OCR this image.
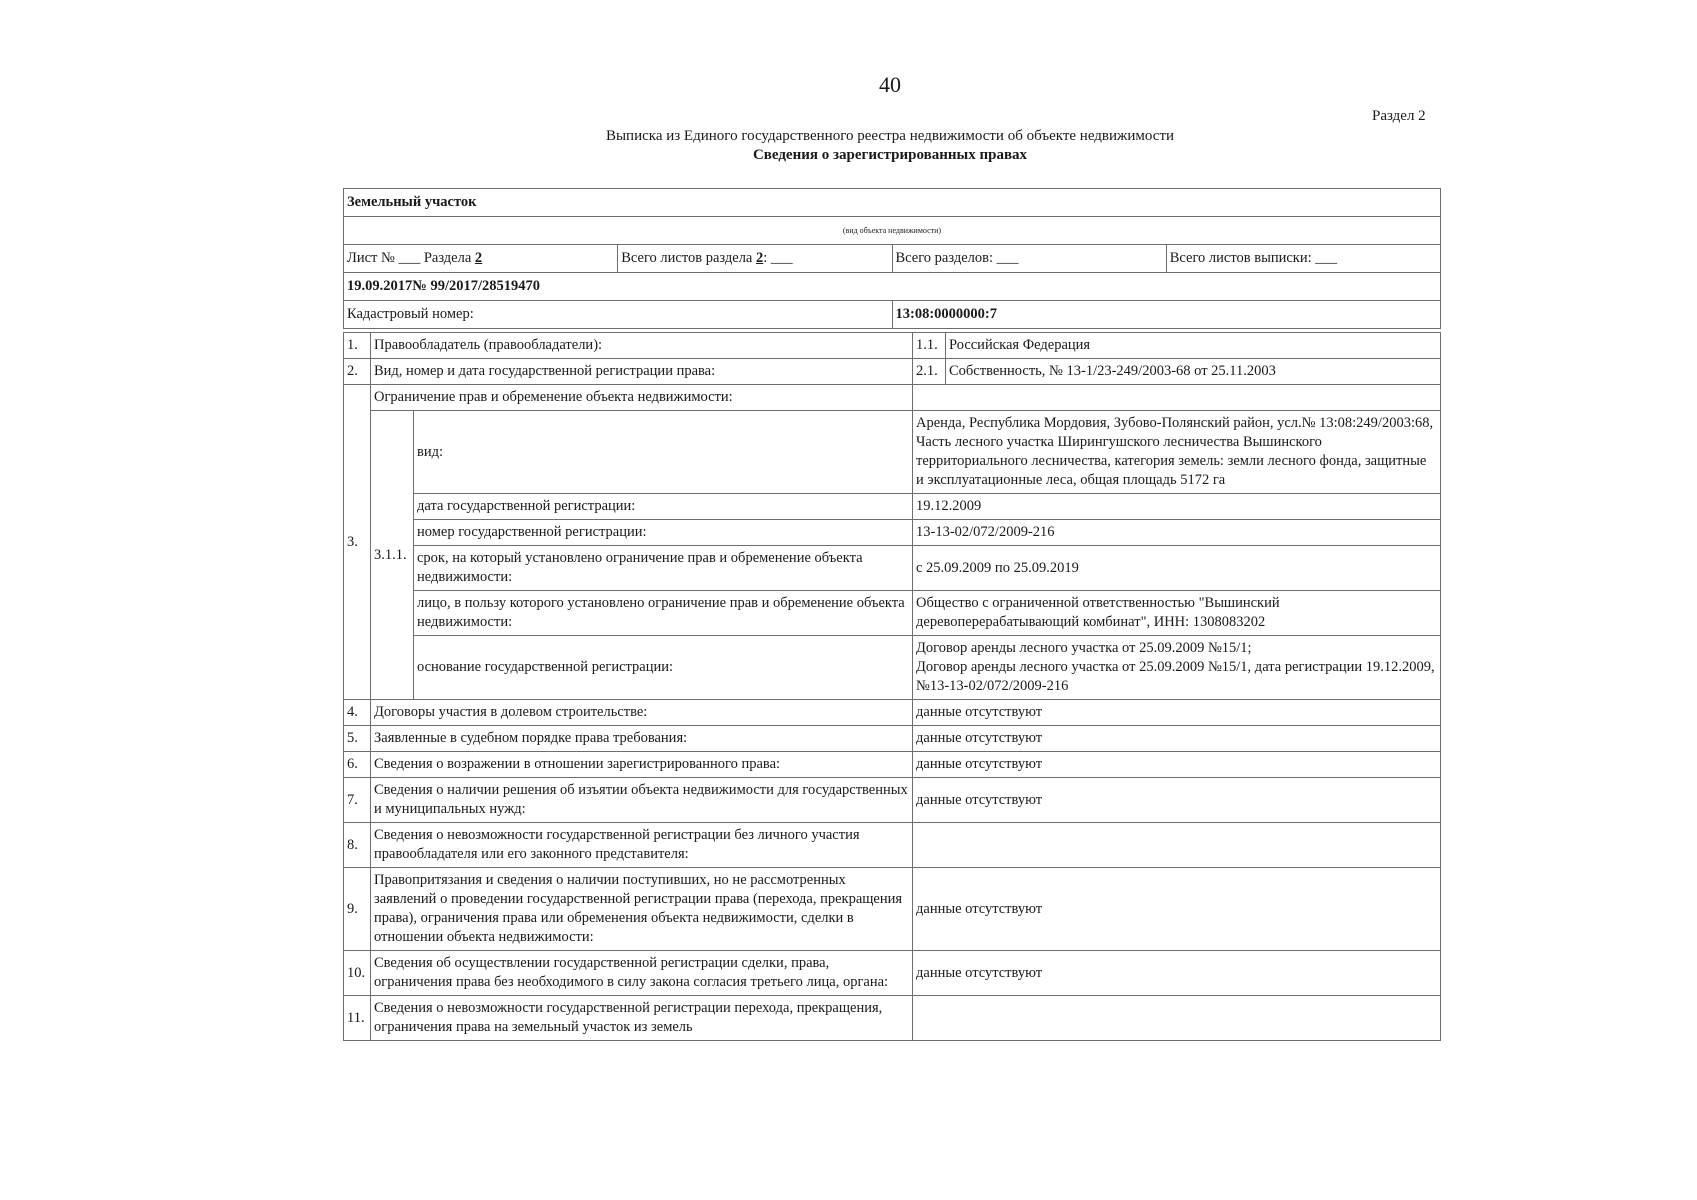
40
Раздел 2
Выписка из Единого государственного реестра недвижимости об объекте недвижимости
Сведения о зарегистрированных правах
Земельный участок			
(вид объекта недвижимости)			
Лист № ___ Раздела 2	Всего листов раздела 2: ___	Всего разделов: ___	Всего листов выписки: ___
19.09.2017№ 99/2017/28519470			
Кадастровый номер:		13:08:0000000:7	
1.	Правообладатель (правообладатели):		1.1.	Российская Федерация
2.	Вид, номер и дата государственной регистрации права:		2.1.	Собственность, № 13-1/23-249/2003-68 от 25.11.2003
3.	Ограничение прав и обременение объекта недвижимости:			
	3.1.1.	вид:	Аренда, Республика Мордовия, Зубово-Полянский район, усл.№ 13:08:249/2003:68, Часть лесного участка Ширингушского лесничества Вышинского территориального лесничества, категория земель: земли лесного фонда, защитные и эксплуатационные леса, общая площадь 5172 га	
		дата государственной регистрации:	19.12.2009	
		номер государственной регистрации:	13-13-02/072/2009-216	
		срок, на который установлено ограничение прав и обременение объекта недвижимости:	с 25.09.2009 по 25.09.2019	
		лицо, в пользу которого установлено ограничение прав и обременение объекта недвижимости:	Общество с ограниченной ответственностью "Вышинский деревоперерабатывающий комбинат", ИНН: 1308083202	
		основание государственной регистрации:	Договор аренды лесного участка от 25.09.2009 №15/1;
Договор аренды лесного участка от 25.09.2009 №15/1, дата регистрации 19.12.2009, №13-13-02/072/2009-216	

4.	Договоры участия в долевом строительстве:		данные отсутствуют	
5.	Заявленные в судебном порядке права требования:		данные отсутствуют	
6.	Сведения о возражении в отношении зарегистрированного права:		данные отсутствуют	
7.	Сведения о наличии решения об изъятии объекта недвижимости для государственных и муниципальных нужд:		данные отсутствуют	
8.	Сведения о невозможности государственной регистрации без личного участия правообладателя или его законного представителя:			
9.	Правопритязания и сведения о наличии поступивших, но не рассмотренных заявлений о проведении государственной регистрации права (перехода, прекращения права), ограничения права или обременения объекта недвижимости, сделки в отношении объекта недвижимости:		данные отсутствуют	
10.	Сведения об осуществлении государственной регистрации сделки, права, ограничения права без необходимого в силу закона согласия третьего лица, органа:		данные отсутствуют	
11.	Сведения о невозможности государственной регистрации перехода, прекращения, ограничения права на земельный участок из земель			
